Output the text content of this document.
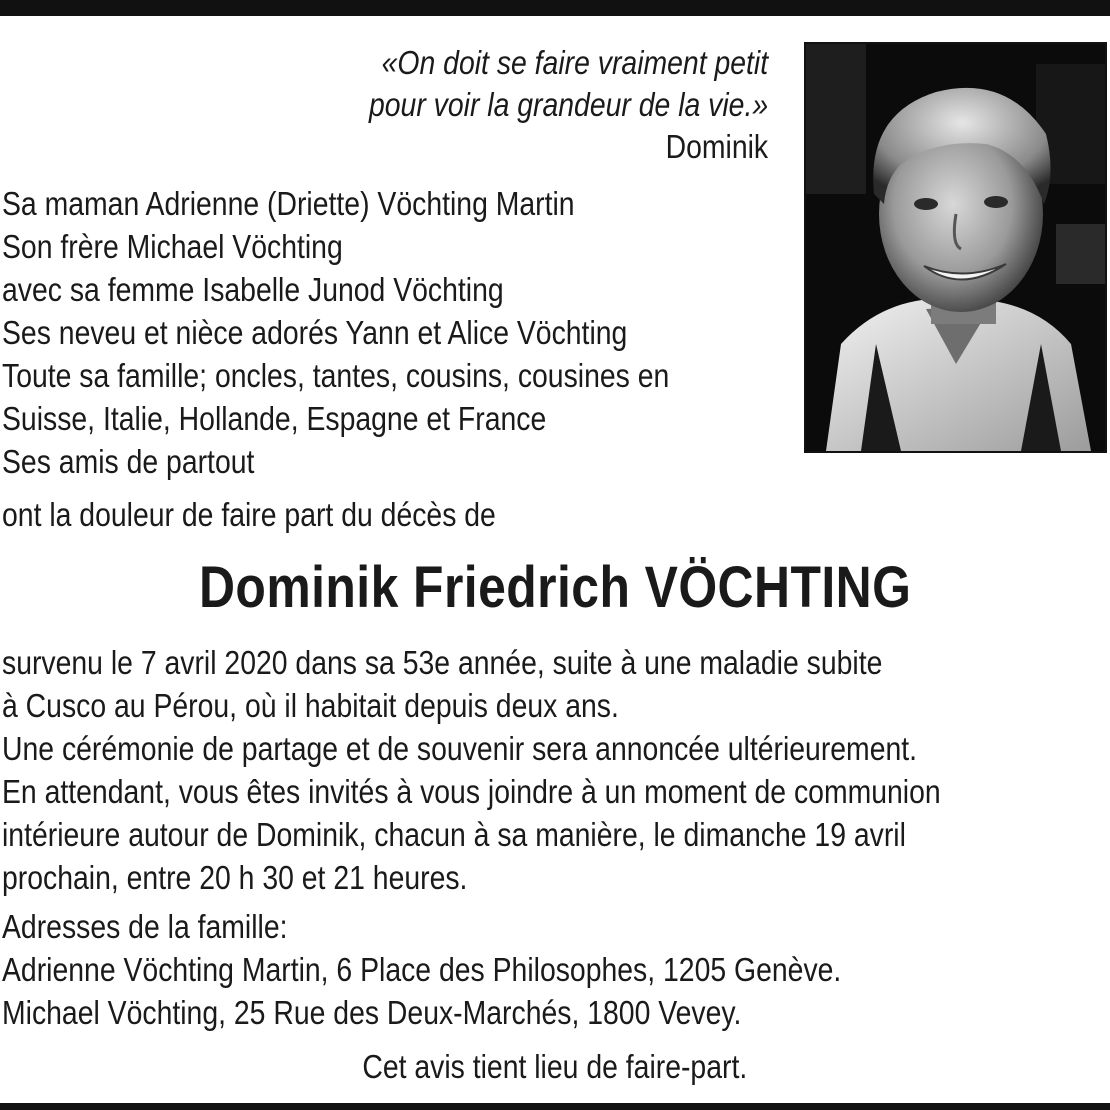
«On doit se faire vraiment petit
pour voir la grandeur de la vie.»
Dominik
Sa maman Adrienne (Driette) Vöchting Martin
Son frère Michael Vöchting
avec sa femme Isabelle Junod Vöchting
Ses neveu et nièce adorés Yann et Alice Vöchting
Toute sa famille; oncles, tantes, cousins, cousines en
Suisse, Italie, Hollande, Espagne et France
Ses amis de partout
ont la douleur de faire part du décès de
Dominik Friedrich VÖCHTING
survenu le 7 avril 2020 dans sa 53e année, suite à une maladie subite
à Cusco au Pérou, où il habitait depuis deux ans.
Une cérémonie de partage et de souvenir sera annoncée ultérieurement.
En attendant, vous êtes invités à vous joindre à un moment de communion
intérieure autour de Dominik, chacun à sa manière, le dimanche 19 avril
prochain, entre 20 h 30 et 21 heures.
Adresses de la famille:
Adrienne Vöchting Martin, 6 Place des Philosophes, 1205 Genève.
Michael Vöchting, 25 Rue des Deux-Marchés, 1800 Vevey.
Cet avis tient lieu de faire-part.
